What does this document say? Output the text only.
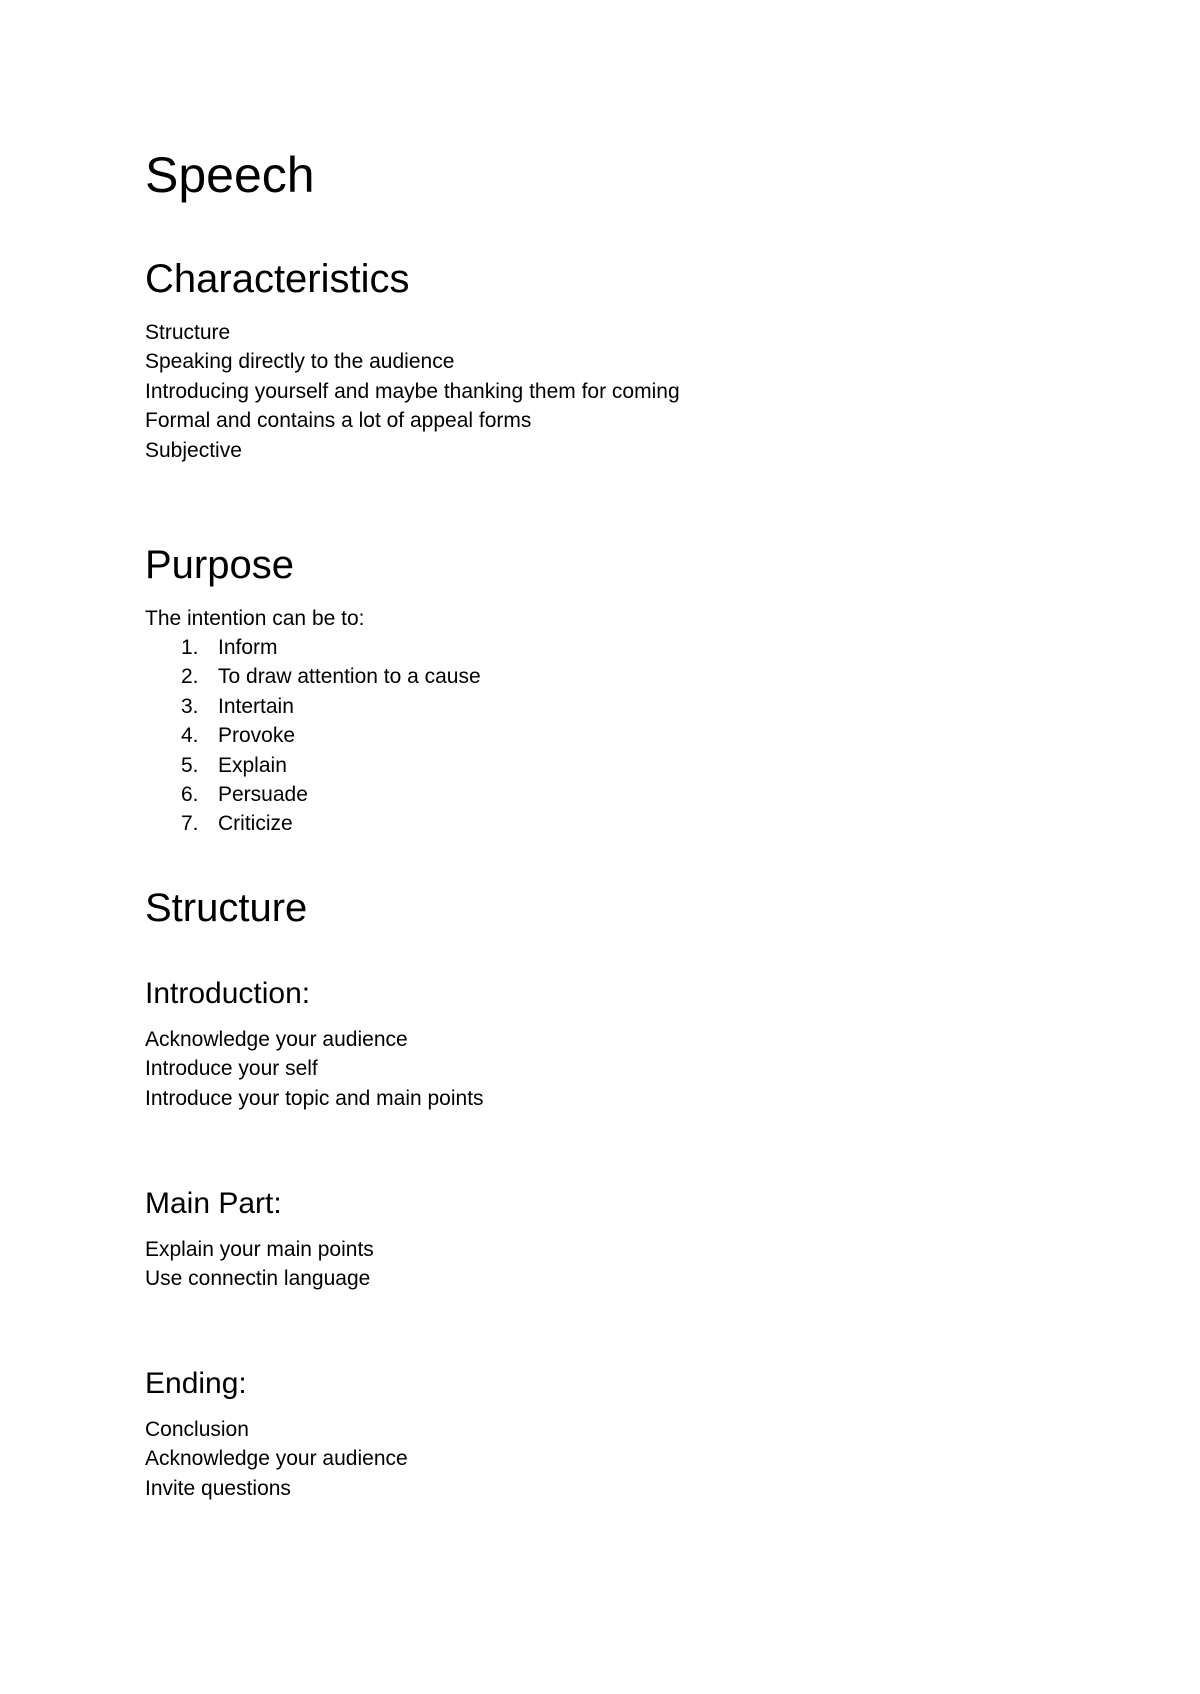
Speech
Characteristics
Structure
Speaking directly to the audience
Introducing yourself and maybe thanking them for coming
Formal and contains a lot of appeal forms
Subjective
Purpose

The intention can be to:

1. Inform
2. To draw attention to a cause
3. Intertain
4. Provoke
5. Explain
6. Persuade
7. Criticize
Structure
Introduction:
Acknowledge your audience
Introduce your self
Introduce your topic and main points
Main Part:
Explain your main points
Use connectin language
Ending:
Conclusion
Acknowledge your audience
Invite questions
